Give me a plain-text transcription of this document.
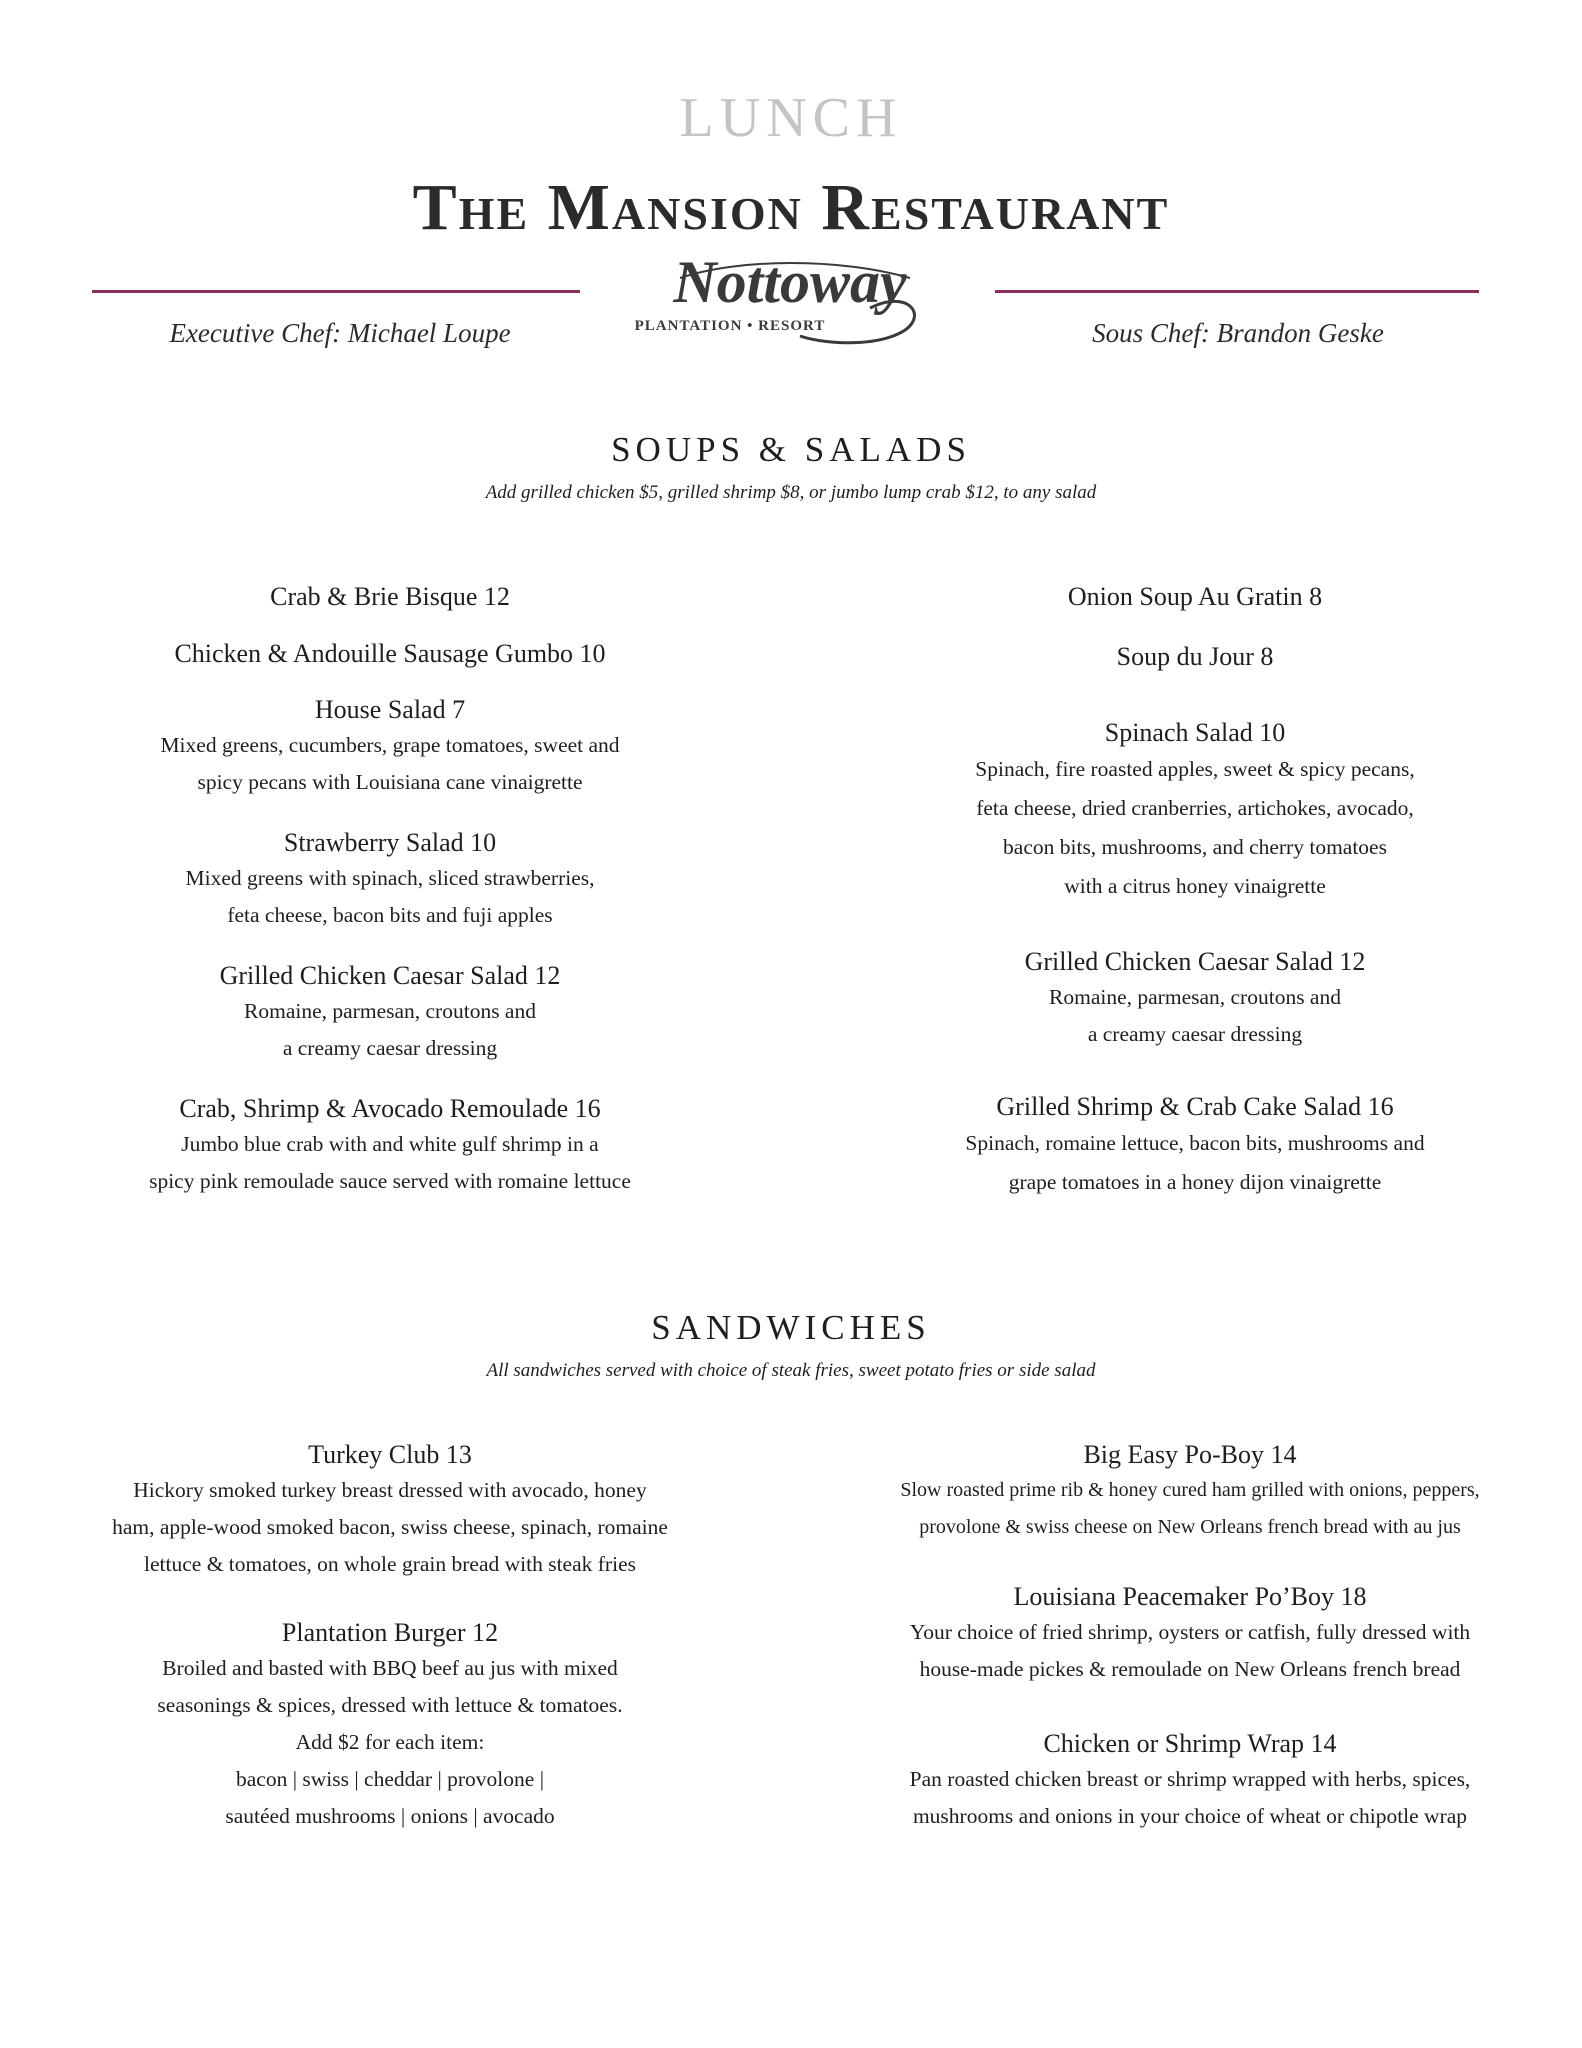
LUNCH
The Mansion Restaurant
Nottoway
PLANTATION • RESORT
Executive Chef: Michael Loupe	Sous Chef: Brandon Geske
SOUPS & SALADS
Add grilled chicken $5, grilled shrimp $8, or jumbo lump crab $12, to any salad
Crab & Brie Bisque 12
Chicken & Andouille Sausage Gumbo 10
House Salad 7
Mixed greens, cucumbers, grape tomatoes, sweet and
spicy pecans with Louisiana cane vinaigrette
Strawberry Salad 10
Mixed greens with spinach, sliced strawberries,
feta cheese, bacon bits and fuji apples
Grilled Chicken Caesar Salad 12
Romaine, parmesan, croutons and
a creamy caesar dressing
Crab, Shrimp & Avocado Remoulade 16
Jumbo blue crab with and white gulf shrimp in a
spicy pink remoulade sauce served with romaine lettuce
Onion Soup Au Gratin 8
Soup du Jour 8
Spinach Salad 10
Spinach, fire roasted apples, sweet & spicy pecans,
feta cheese, dried cranberries, artichokes, avocado,
bacon bits, mushrooms, and cherry tomatoes
with a citrus honey vinaigrette
Grilled Chicken Caesar Salad 12
Romaine, parmesan, croutons and
a creamy caesar dressing
Grilled Shrimp & Crab Cake Salad 16
Spinach, romaine lettuce, bacon bits, mushrooms and
grape tomatoes in a honey dijon vinaigrette
SANDWICHES
All sandwiches served with choice of steak fries, sweet potato fries or side salad
Turkey Club 13
Hickory smoked turkey breast dressed with avocado, honey
ham, apple-wood smoked bacon, swiss cheese, spinach, romaine
lettuce & tomatoes, on whole grain bread with steak fries
Plantation Burger 12
Broiled and basted with BBQ beef au jus with mixed
seasonings & spices, dressed with lettuce & tomatoes.
Add $2 for each item:
bacon | swiss | cheddar | provolone |
sautéed mushrooms | onions | avocado
Big Easy Po-Boy 14
Slow roasted prime rib & honey cured ham grilled with onions, peppers,
provolone & swiss cheese on New Orleans french bread with au jus
Louisiana Peacemaker Po’Boy 18
Your choice of fried shrimp, oysters or catfish, fully dressed with
house-made pickes & remoulade on New Orleans french bread
Chicken or Shrimp Wrap 14
Pan roasted chicken breast or shrimp wrapped with herbs, spices,
mushrooms and onions in your choice of wheat or chipotle wrap
